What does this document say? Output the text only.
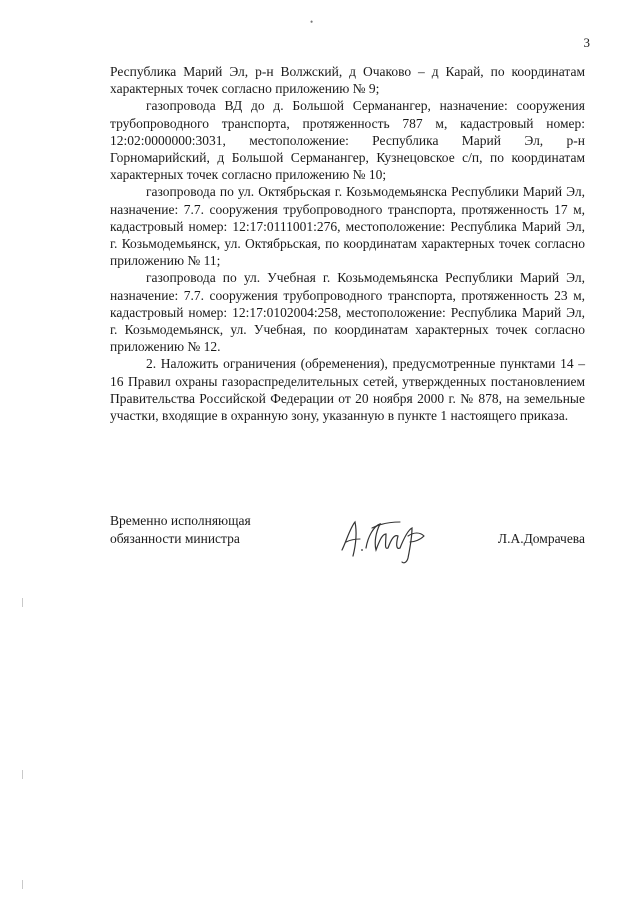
•
3

Республика Марий Эл, р-н Волжский, д Очаково – д Карай, по координатам характерных точек согласно приложению № 9;

газопровода ВД до д. Большой Серманангер, назначение: сооружения трубопроводного транспорта, протяженность 787 м, кадастровый номер: 12:02:0000000:3031, местоположение: Республика Марий Эл, р-н Горномарийский, д Большой Серманангер, Кузнецовское с/п, по координатам характерных точек согласно приложению № 10;

газопровода по ул. Октябрьская г. Козьмодемьянска Республики Марий Эл, назначение: 7.7. сооружения трубопроводного транспорта, протяженность 17 м, кадастровый номер: 12:17:0111001:276, местоположение: Республика Марий Эл, г. Козьмодемьянск, ул. Октябрьская, по координатам характерных точек согласно приложению № 11;

газопровода по ул. Учебная г. Козьмодемьянска Республики Марий Эл, назначение: 7.7. сооружения трубопроводного транспорта, протяженность 23 м, кадастровый номер: 12:17:0102004:258, местоположение: Республика Марий Эл, г. Козьмодемьянск, ул. Учебная, по координатам характерных точек согласно приложению № 12.

2. Наложить ограничения (обременения), предусмотренные пунктами 14 – 16 Правил охраны газораспределительных сетей, утвержденных постановлением Правительства Российской Федерации от 20 ноября 2000 г. № 878, на земельные участки, входящие в охранную зону, указанную в пункте 1 настоящего приказа.

Временно исполняющая
обязанности министра	Л.А.Домрачева
